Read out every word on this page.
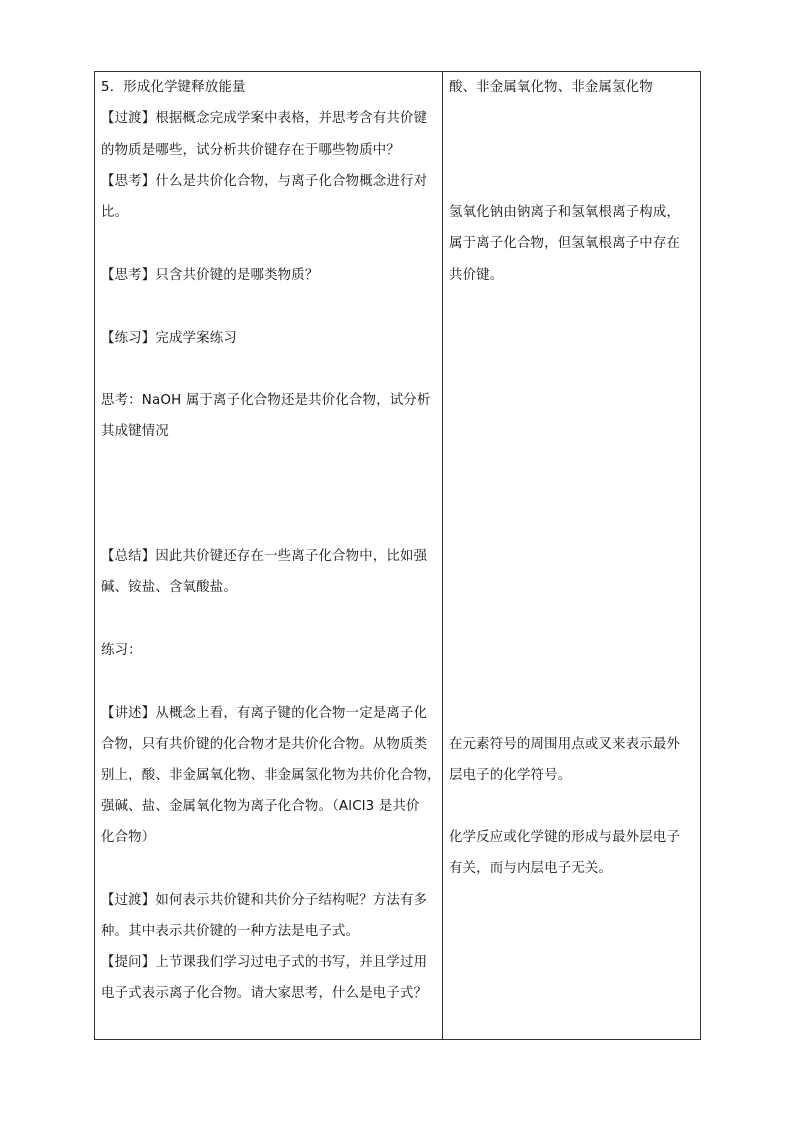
5．形成化学键释放能量
【过渡】根据概念完成学案中表格，并思考含有共价键
的物质是哪些，试分析共价键存在于哪些物质中？
【思考】什么是共价化合物，与离子化合物概念进行对
比。
【思考】只含共价键的是哪类物质？
【练习】完成学案练习
思考：NaOH 属于离子化合物还是共价化合物，试分析
其成键情况
【总结】因此共价键还存在一些离子化合物中，比如强
碱、铵盐、含氧酸盐。
练习：
【讲述】从概念上看，有离子键的化合物一定是离子化
合物，只有共价键的化合物才是共价化合物。从物质类
别上，酸、非金属氧化物、非金属氢化物为共价化合物，
强碱、盐、金属氧化物为离子化合物。（AlCl3 是共价
化合物）
【过渡】如何表示共价键和共价分子结构呢？方法有多
种。其中表示共价键的一种方法是电子式。
【提问】上节课我们学习过电子式的书写，并且学过用
电子式表示离子化合物。请大家思考，什么是电子式？
酸、非金属氧化物、非金属氢化物
氢氧化钠由钠离子和氢氧根离子构成，
属于离子化合物，但氢氧根离子中存在
共价键。
在元素符号的周围用点或叉来表示最外
层电子的化学符号。
化学反应或化学键的形成与最外层电子
有关，而与内层电子无关。
